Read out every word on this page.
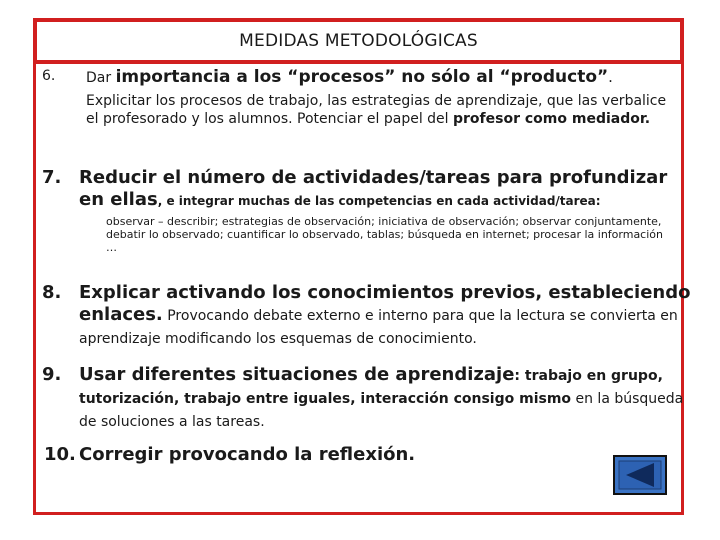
MEDIDAS METODOLÓGICAS
6. Dar importancia a los “procesos” no sólo al “producto”.
Explicitar los procesos de trabajo, las estrategias de aprendizaje, que las verbalice el profesorado y los alumnos. Potenciar el papel del profesor como mediador.
7. Reducir el número de actividades/tareas para profundizar en ellas, e integrar muchas de las competencias en cada actividad/tarea:
observar – describir; estrategias de observación; iniciativa de observación; observar conjuntamente, debatir lo observado; cuantificar lo observado, tablas; búsqueda en internet; procesar la información …
8. Explicar activando los conocimientos previos, estableciendo enlaces. Provocando debate externo e interno para que la lectura se convierta en aprendizaje modificando los esquemas de conocimiento.
9. Usar diferentes situaciones de aprendizaje: trabajo en grupo, tutorización, trabajo entre iguales, interacción consigo mismo en la búsqueda de soluciones a las tareas.
10. Corregir provocando la reflexión.
